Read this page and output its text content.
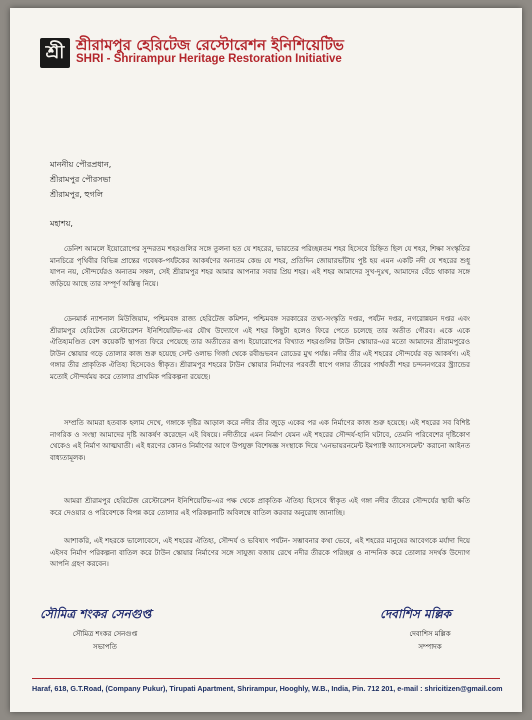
শ্রী শ্রীরামপুর হেরিটেজ রেস্টোরেশন ইনিশিয়েটিভ
SHRI - Shrirampur Heritage Restoration Initiative
মাননীয় পৌরপ্রধান,
শ্রীরামপুর পৌরসভা
শ্রীরামপুর, হুগলি
মহাশয়,

ডেনিশ আমলে ইয়োরোপের সুন্দরতম শহরগুলির সঙ্গে তুলনা হত যে শহরের, ভারতের পরিচ্ছন্নতম শহর হিসেবে চিহ্নিত ছিল যে শহর, শিক্ষা সংস্কৃতির মানচিত্রে পৃথিবীর বিভিন্ন প্রান্তের গবেষক-পর্যটকের আকর্ষণের অন্যতম কেন্দ্র যে শহর, প্রতিদিন জোয়ারভাঁটায় পুষ্ট হয় এমন একটি নদী যে শহরের শুধু যাপন নয়, সৌন্দর্যেরও অন্যতম সম্বল, সেই শ্রীরামপুর শহর আমার আপনার সবার প্রিয় শহর। এই শহর আমাদের সুখ-দুঃখ, আমাদের বেঁচে থাকার সঙ্গে জড়িয়ে আছে তার সম্পূর্ণ অস্তিত্ব নিয়ে।

ডেনমার্ক ন্যাশনাল মিউজিয়াম, পশ্চিমবঙ্গ রাজ্য হেরিটেজ কমিশন, পশ্চিমবঙ্গ সরকারের তথ্য-সংস্কৃতি দপ্তর, পর্যটন দপ্তর, নগরোন্নয়ন দপ্তর এবং শ্রীরামপুর হেরিটেজ রেস্টোরেশন ইনিশিয়েটিভ-এর যৌথ উদ্যোগে এই শহর কিছুটা হলেও ফিরে পেতে চলেছে তার অতীত গৌরব। একে একে ঐতিহ্যমণ্ডিত বেশ কয়েকটি স্থাপত্য ফিরে পেয়েছে তার অতীতের রূপ। ইয়োরোপের বিখ্যাত শহরগুলির টাউন স্কোয়ার-এর মতো আমাদের শ্রীরামপুরেও টাউন স্কোয়ার গড়ে তোলার কাজ শুরু হয়েছে সেন্ট ওলাভ গির্জা থেকে রবীন্দ্রভবন রোডের মুখ পর্যন্ত। নদীর তীর এই শহরের সৌন্দর্যের বড় আকর্ষণ। এই গঙ্গার তীর প্রাকৃতিক ঐতিহ্য হিসেবেও স্বীকৃত। শ্রীরামপুর শহরের টাউন স্কোয়ার নির্মাণের পরবর্তী ধাপে গঙ্গার তীরের পার্শ্ববর্তী শহর চন্দননগরের স্ট্র্যান্ডের মতোই সৌন্দর্যময় করে তোলার প্রাথমিক পরিকল্পনা রয়েছে।

সম্প্রতি আমরা হতবাক হলাম দেখে, গঙ্গাকে দৃষ্টির আড়াল করে নদীর তীর জুড়ে একের পর এক নির্মাণের কাজ শুরু হয়েছে। এই শহরের সব বিশিষ্ট নাগরিক ও সংস্থা আমাদের দৃষ্টি আকর্ষণ করেছেন এই বিষয়ে। নদীতীরে এমন নির্মাণ যেমন এই শহরের সৌন্দর্য-হানি ঘটাবে, তেমনি পরিবেশের দৃষ্টিকোণ থেকেও এই নির্মাণ আত্মঘাতী। এই ধরণের কোনও নির্মাণের আগে উপযুক্ত বিশেষজ্ঞ সংস্থাকে দিয়ে 'এনভায়রনমেন্ট ইমপ্যাক্ট অ্যাসেসমেন্ট' করানো আইনত বাধ্যতামূলক।

আমরা শ্রীরামপুর হেরিটেজ রেস্টোরেশন ইনিশিয়েটিভ-এর পক্ষ থেকে প্রাকৃতিক ঐতিহ্য হিসেবে স্বীকৃত এই গঙ্গা নদীর তীরের সৌন্দর্যের স্থায়ী ক্ষতি করে দেওয়ার ও পরিবেশকে বিপন্ন করে তোলার এই পরিকল্পনাটি অবিলম্বে বাতিল করবার অনুরোধ জানাচ্ছি।

আশাকরি, এই শহরকে ভালোবেসে, এই শহরের ঐতিহ্য, সৌন্দর্য ও ভবিষ্যৎ পর্যটন- সম্ভাবনার কথা ভেবে, এই শহরের মানুষের আবেগকে মর্যাদা দিয়ে এইসব নির্মাণ পরিকল্পনা বাতিল করে টাউন স্কোয়ার নির্মাণের সঙ্গে সাযুজ্য বজায় রেখে নদীর তীরকে পরিচ্ছন্ন ও নান্দনিক করে তোলার সদর্থক উদ্যোগ আপনি গ্রহণ করবেন।

সৌমিত্র শংকর সেনগুপ্ত
সৌমিত্র শংকর সেনগুপ্ত
সভাপতি
দেবাশিস মল্লিক
দেবাশিস মল্লিক
সম্পাদক
Haraf, 618, G.T.Road, (Company Pukur), Tirupati Apartment, Shrirampur, Hooghly, W.B., India, Pin. 712 201, e-mail : shricitizen@gmail.com
